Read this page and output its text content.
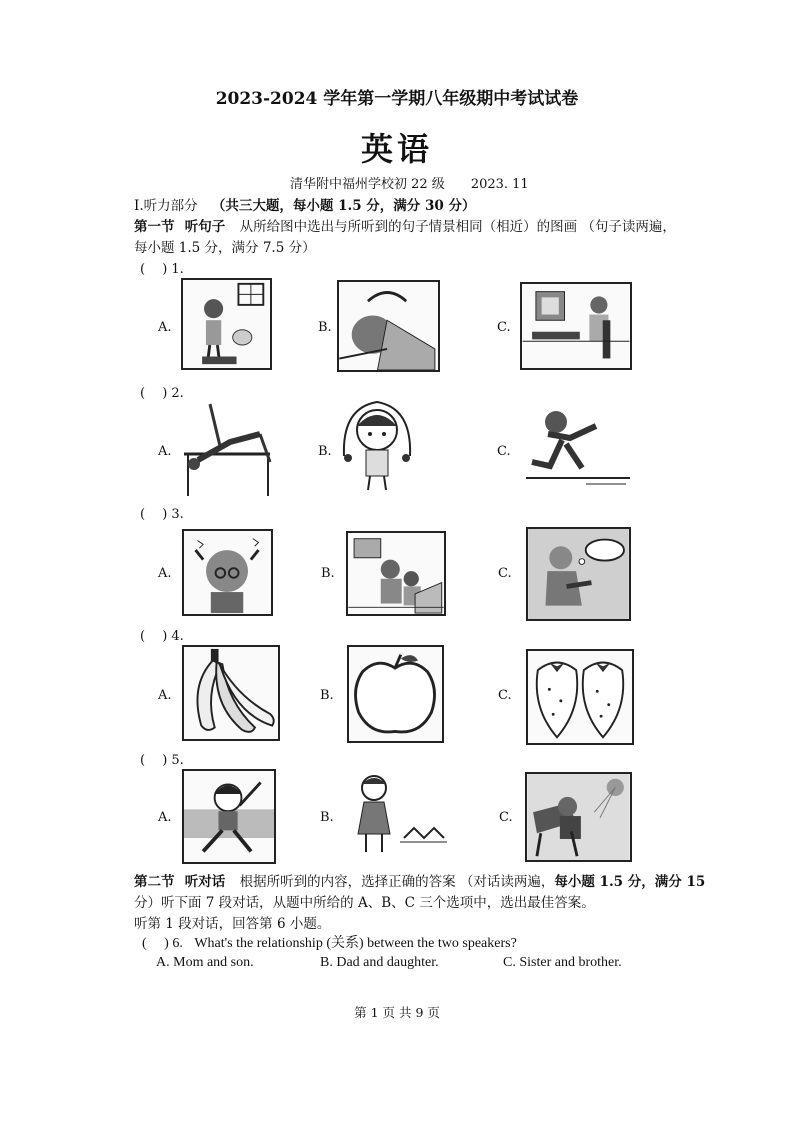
2023-2024 学年第一学期八年级期中考试试卷
英语
清华附中福州学校初 22 级 2023. 11
I.听力部分 （共三大题，每小题 1.5 分，满分 30 分）
第一节 听句子 从所给图中选出与所听到的句子情景相同（相近）的图画 （句子读两遍，
每小题 1.5 分，满分 7.5 分）
(　 ) 1.
A.	B.	C.
(　 ) 2.
A.	B.	C.
(　 ) 3.
A.	B.	C.
(　 ) 4.
A.	B.	C.
(　 ) 5.
A.	B.	C.
第二节 听对话 根据所听到的内容，选择正确的答案 （对话读两遍，每小题 1.5 分，满分 15
分）听下面 7 段对话，从题中所给的 A、B、C 三个选项中，选出最佳答案。
听第 1 段对话，回答第 6 小题。
(　 ) 6. What's the relationship (关系) between the two speakers?
A. Mom and son.	B. Dad and daughter.	C. Sister and brother.
第 1 页 共 9 页
